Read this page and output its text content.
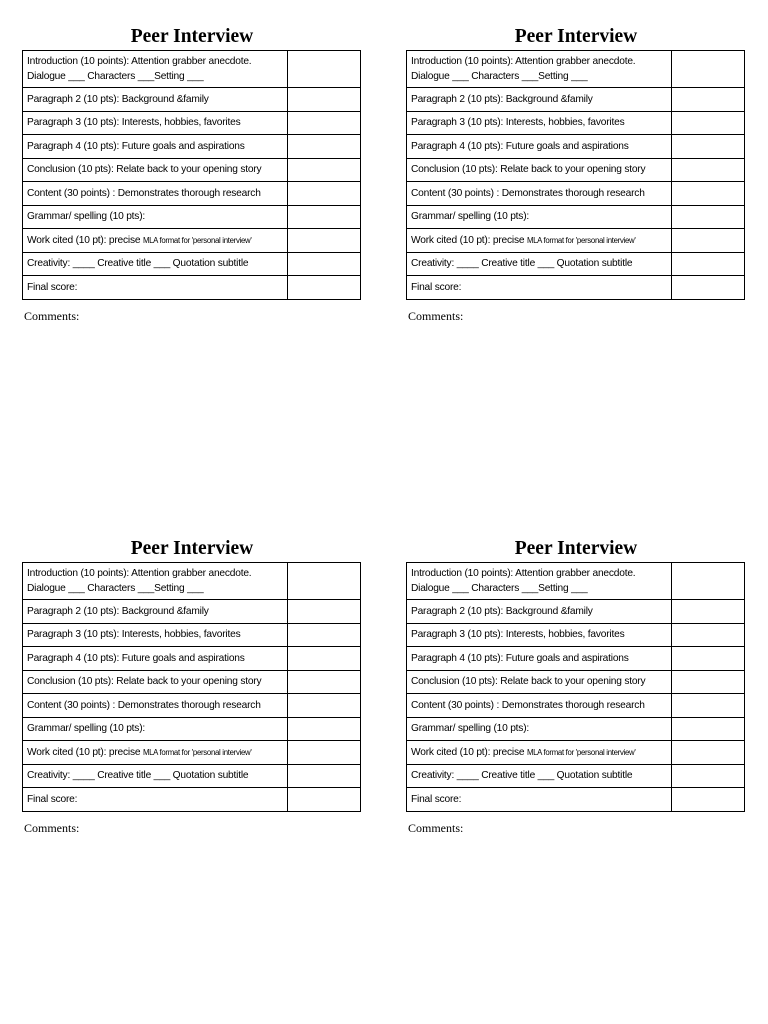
Peer Interview
Introduction (10 points): Attention grabber anecdote.
Dialogue ___ Characters ___Setting ___	

Paragraph 2 (10 pts): Background &family	
Paragraph 3 (10 pts): Interests, hobbies, favorites	
Paragraph 4 (10 pts): Future goals and aspirations	
Conclusion (10 pts): Relate back to your opening story	
Content (30 points) : Demonstrates thorough research	
Grammar/ spelling (10 pts):	
Work cited (10 pt): precise MLA format for 'personal interview'	
Creativity: ____ Creative title ___ Quotation subtitle	
Final score:	
Comments:
Peer Interview
Introduction (10 points): Attention grabber anecdote.
Dialogue ___ Characters ___Setting ___	

Paragraph 2 (10 pts): Background &family	
Paragraph 3 (10 pts): Interests, hobbies, favorites	
Paragraph 4 (10 pts): Future goals and aspirations	
Conclusion (10 pts): Relate back to your opening story	
Content (30 points) : Demonstrates thorough research	
Grammar/ spelling (10 pts):	
Work cited (10 pt): precise MLA format for 'personal interview'	
Creativity: ____ Creative title ___ Quotation subtitle	
Final score:	
Comments:
Peer Interview
Introduction (10 points): Attention grabber anecdote.
Dialogue ___ Characters ___Setting ___	

Paragraph 2 (10 pts): Background &family	
Paragraph 3 (10 pts): Interests, hobbies, favorites	
Paragraph 4 (10 pts): Future goals and aspirations	
Conclusion (10 pts): Relate back to your opening story	
Content (30 points) : Demonstrates thorough research	
Grammar/ spelling (10 pts):	
Work cited (10 pt): precise MLA format for 'personal interview'	
Creativity: ____ Creative title ___ Quotation subtitle	
Final score:	
Comments:
Peer Interview
Introduction (10 points): Attention grabber anecdote.
Dialogue ___ Characters ___Setting ___	

Paragraph 2 (10 pts): Background &family	
Paragraph 3 (10 pts): Interests, hobbies, favorites	
Paragraph 4 (10 pts): Future goals and aspirations	
Conclusion (10 pts): Relate back to your opening story	
Content (30 points) : Demonstrates thorough research	
Grammar/ spelling (10 pts):	
Work cited (10 pt): precise MLA format for 'personal interview'	
Creativity: ____ Creative title ___ Quotation subtitle	
Final score:	
Comments:
